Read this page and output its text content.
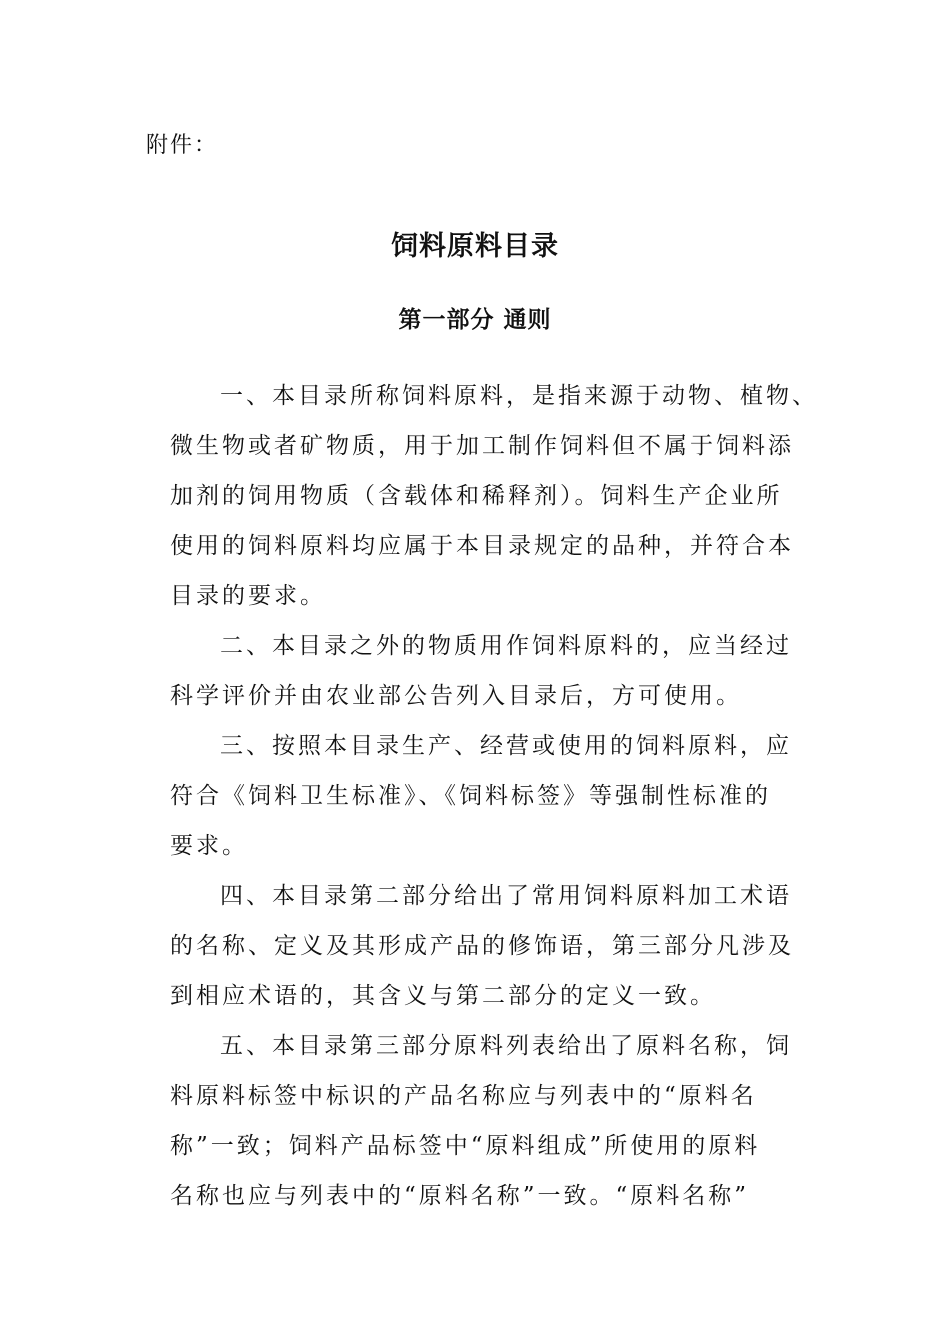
附件：
饲料原料目录
第一部分 通则

一、本目录所称饲料原料，是指来源于动物、植物、
微生物或者矿物质，用于加工制作饲料但不属于饲料添
加剂的饲用物质（含载体和稀释剂）。饲料生产企业所
使用的饲料原料均应属于本目录规定的品种，并符合本
目录的要求。

二、本目录之外的物质用作饲料原料的，应当经过
科学评价并由农业部公告列入目录后，方可使用。

三、按照本目录生产、经营或使用的饲料原料，应
符合《饲料卫生标准》、《饲料标签》等强制性标准的
要求。

四、本目录第二部分给出了常用饲料原料加工术语
的名称、定义及其形成产品的修饰语，第三部分凡涉及
到相应术语的，其含义与第二部分的定义一致。

五、本目录第三部分原料列表给出了原料名称，饲
料原料标签中标识的产品名称应与列表中的“原料名
称”一致；饲料产品标签中“原料组成”所使用的原料
名称也应与列表中的“原料名称”一致。“原料名称”
